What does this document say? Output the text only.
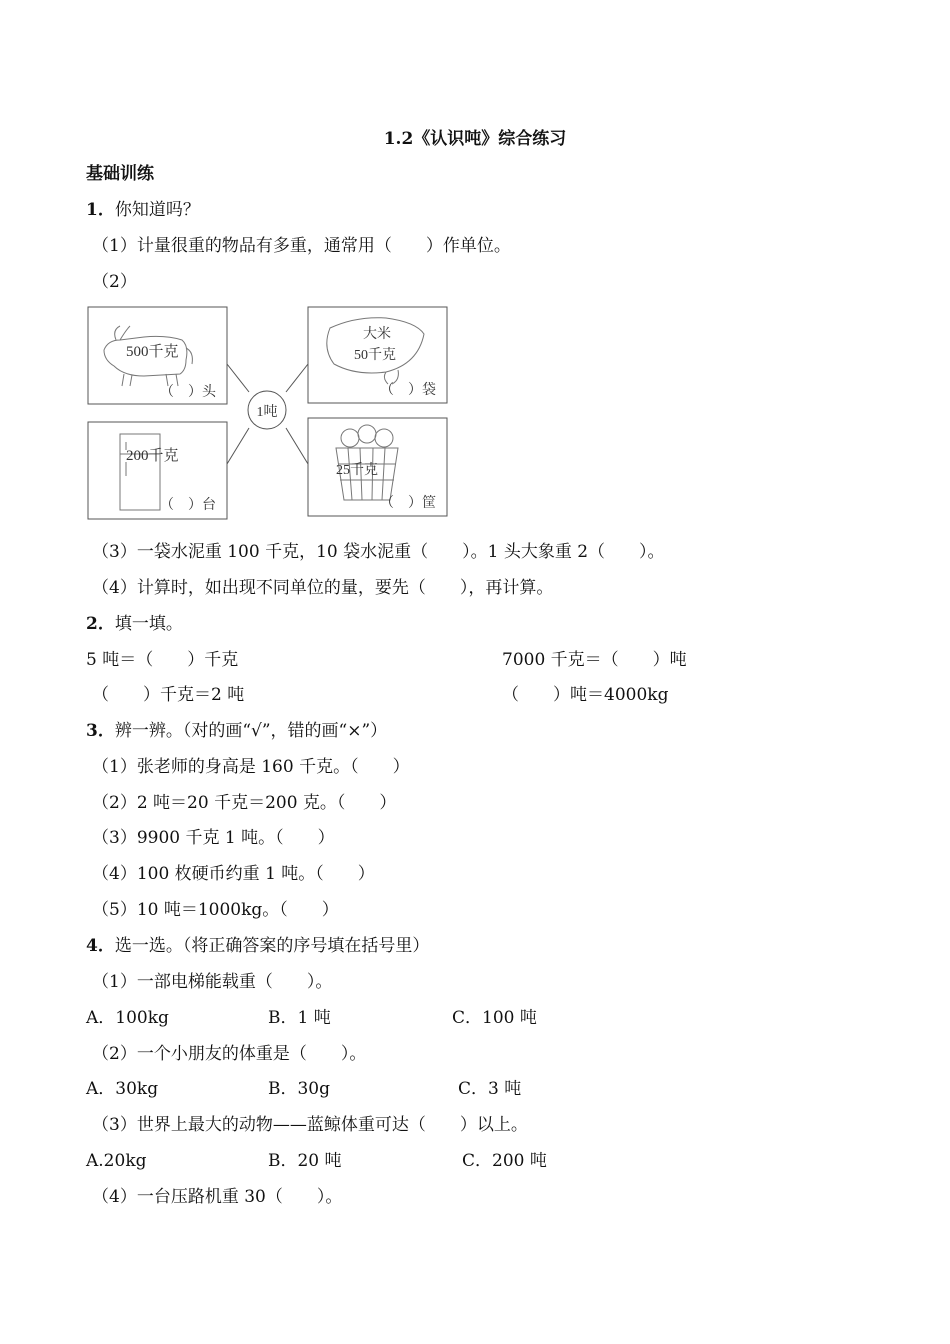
1.2《认识吨》综合练习
基础训练
1．你知道吗？
（1）计量很重的物品有多重，通常用（　　）作单位。
（2）
1吨
500千克
（　）头
大米
50千克
（　）袋
200千克
（　）台
25千克
（　）筐
（3）一袋水泥重 100 千克，10 袋水泥重（　　）。1 头大象重 2（　　）。
（4）计算时，如出现不同单位的量，要先（　　），再计算。
2．填一填。
5 吨＝（　　）千克	7000 千克＝（　　）吨
（　　）千克＝2 吨	（　　）吨＝4000kg
3．辨一辨。（对的画“√”，错的画“×”）
（1）张老师的身高是 160 千克。（　　）
（2）2 吨＝20 千克＝200 克。（　　）
（3）9900 千克 1 吨。（　　）
（4）100 枚硬币约重 1 吨。（　　）
（5）10 吨＝1000kg。（　　）
4．选一选。（将正确答案的序号填在括号里）
（1）一部电梯能载重（　　）。
A．100kg	B．1 吨	C．100 吨
（2）一个小朋友的体重是（　　）。
A．30kg	B．30g	C．3 吨
（3）世界上最大的动物——蓝鲸体重可达（　　）以上。
A.20kg	B．20 吨	C．200 吨
（4）一台压路机重 30（　　）。
